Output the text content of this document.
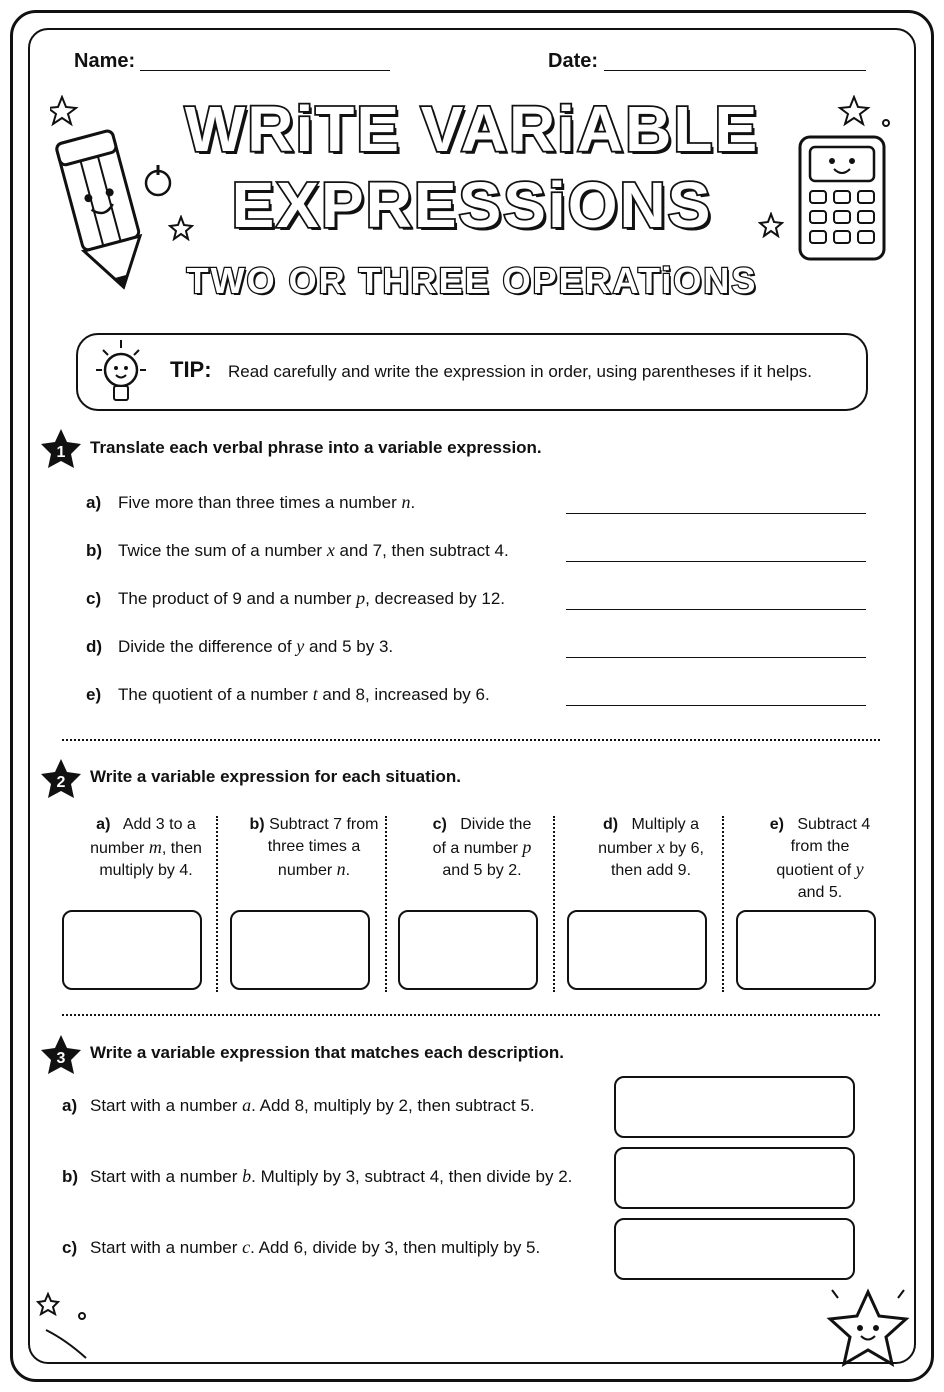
Name:	Date:
WRiTE VARiABLE
EXPRESSiONS
TWO OR THREE OPERATiONS
TIP: Read carefully and write the expression in order, using parentheses if it helps.
1 Translate each verbal phrase into a variable expression.
a) Five more than three times a number n.
b) Twice the sum of a number x and 7, then subtract 4.
c) The product of 9 and a number p, decreased by 12.
d) Divide the difference of y and 5 by 3.
e) The quotient of a number t and 8, increased by 6.
2 Write a variable expression for each situation.
a) Add 3 to a
number m, then
multiply by 4.
b) Subtract 7 from
three times a
number n.
c) Divide the
of a number p
and 5 by 2.
d) Multiply a
number x by 6,
then add 9.
e) Subtract 4
from the
quotient of y
and 5.
3 Write a variable expression that matches each description.
a) Start with a number a. Add 8, multiply by 2, then subtract 5.
b) Start with a number b. Multiply by 3, subtract 4, then divide by 2.
c) Start with a number c. Add 6, divide by 3, then multiply by 5.
